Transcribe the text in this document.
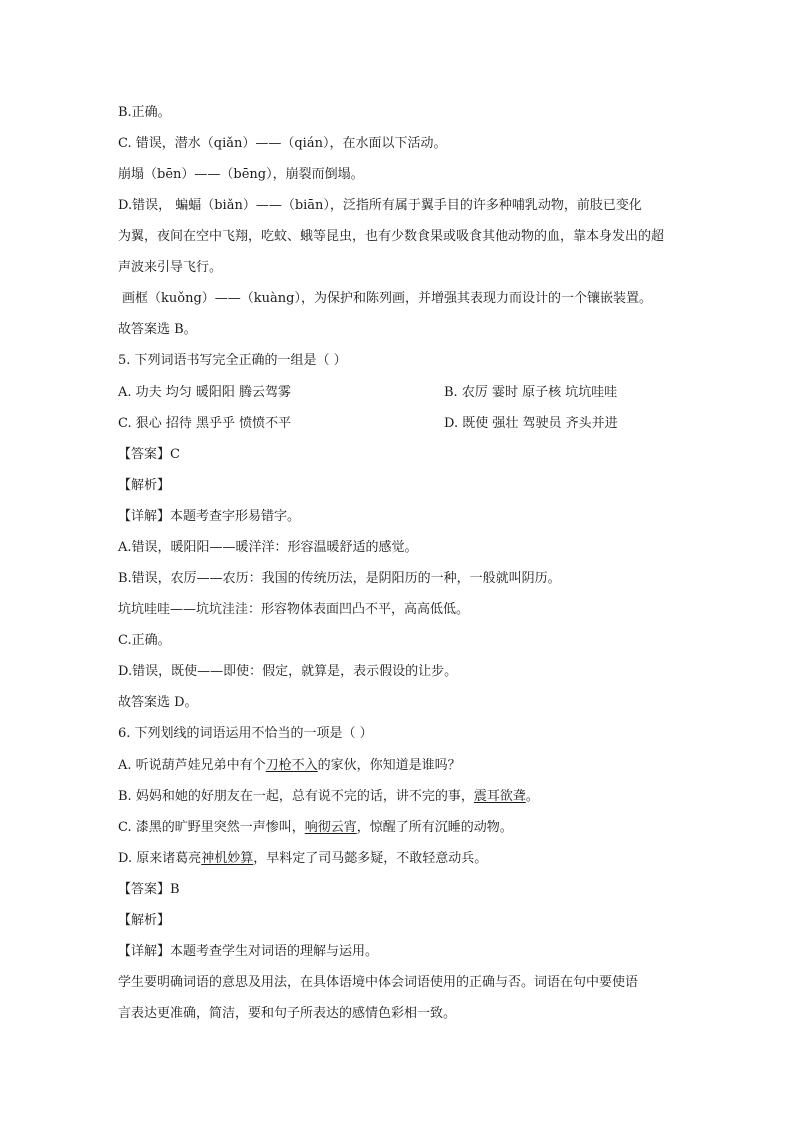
B.正确。
C. 错误，潜水（qiǎn）——（qián），在水面以下活动。
崩塌（bēn）——（bēng），崩裂而倒塌。
D.错误， 蝙蝠（biǎn）——（biān），泛指所有属于翼手目的许多种哺乳动物，前肢已变化
为翼，夜间在空中飞翔，吃蚊、蛾等昆虫，也有少数食果或吸食其他动物的血，靠本身发出的超
声波来引导飞行。
画框（kuǒng）——（kuàng），为保护和陈列画，并增强其表现力而设计的一个镶嵌装置。
故答案选 B。
5. 下列词语书写完全正确的一组是（ ）
A. 功夫 均匀 暖阳阳 腾云驾雾	B. 农厉 霎时 原子核 坑坑哇哇
C. 狠心 招待 黑乎乎 愤愤不平	D. 既使 强壮 驾驶员 齐头并进
【答案】C
【解析】
【详解】本题考查字形易错字。
A.错误，暖阳阳——暖洋洋：形容温暖舒适的感觉。
B.错误，农厉——农历：我国的传统历法，是阴阳历的一种，一般就叫阴历。
坑坑哇哇——坑坑洼洼：形容物体表面凹凸不平，高高低低。
C.正确。
D.错误，既使——即使：假定，就算是，表示假设的让步。
故答案选 D。
6. 下列划线的词语运用不恰当的一项是（ ）
A. 听说葫芦娃兄弟中有个刀枪不入的家伙，你知道是谁吗？
B. 妈妈和她的好朋友在一起，总有说不完的话，讲不完的事，震耳欲聋。
C. 漆黑的旷野里突然一声惨叫，响彻云宵，惊醒了所有沉睡的动物。
D. 原来诸葛亮神机妙算，早料定了司马懿多疑，不敢轻意动兵。
【答案】B
【解析】
【详解】本题考查学生对词语的理解与运用。
学生要明确词语的意思及用法，在具体语境中体会词语使用的正确与否。词语在句中要使语
言表达更准确，简洁，要和句子所表达的感情色彩相一致。
